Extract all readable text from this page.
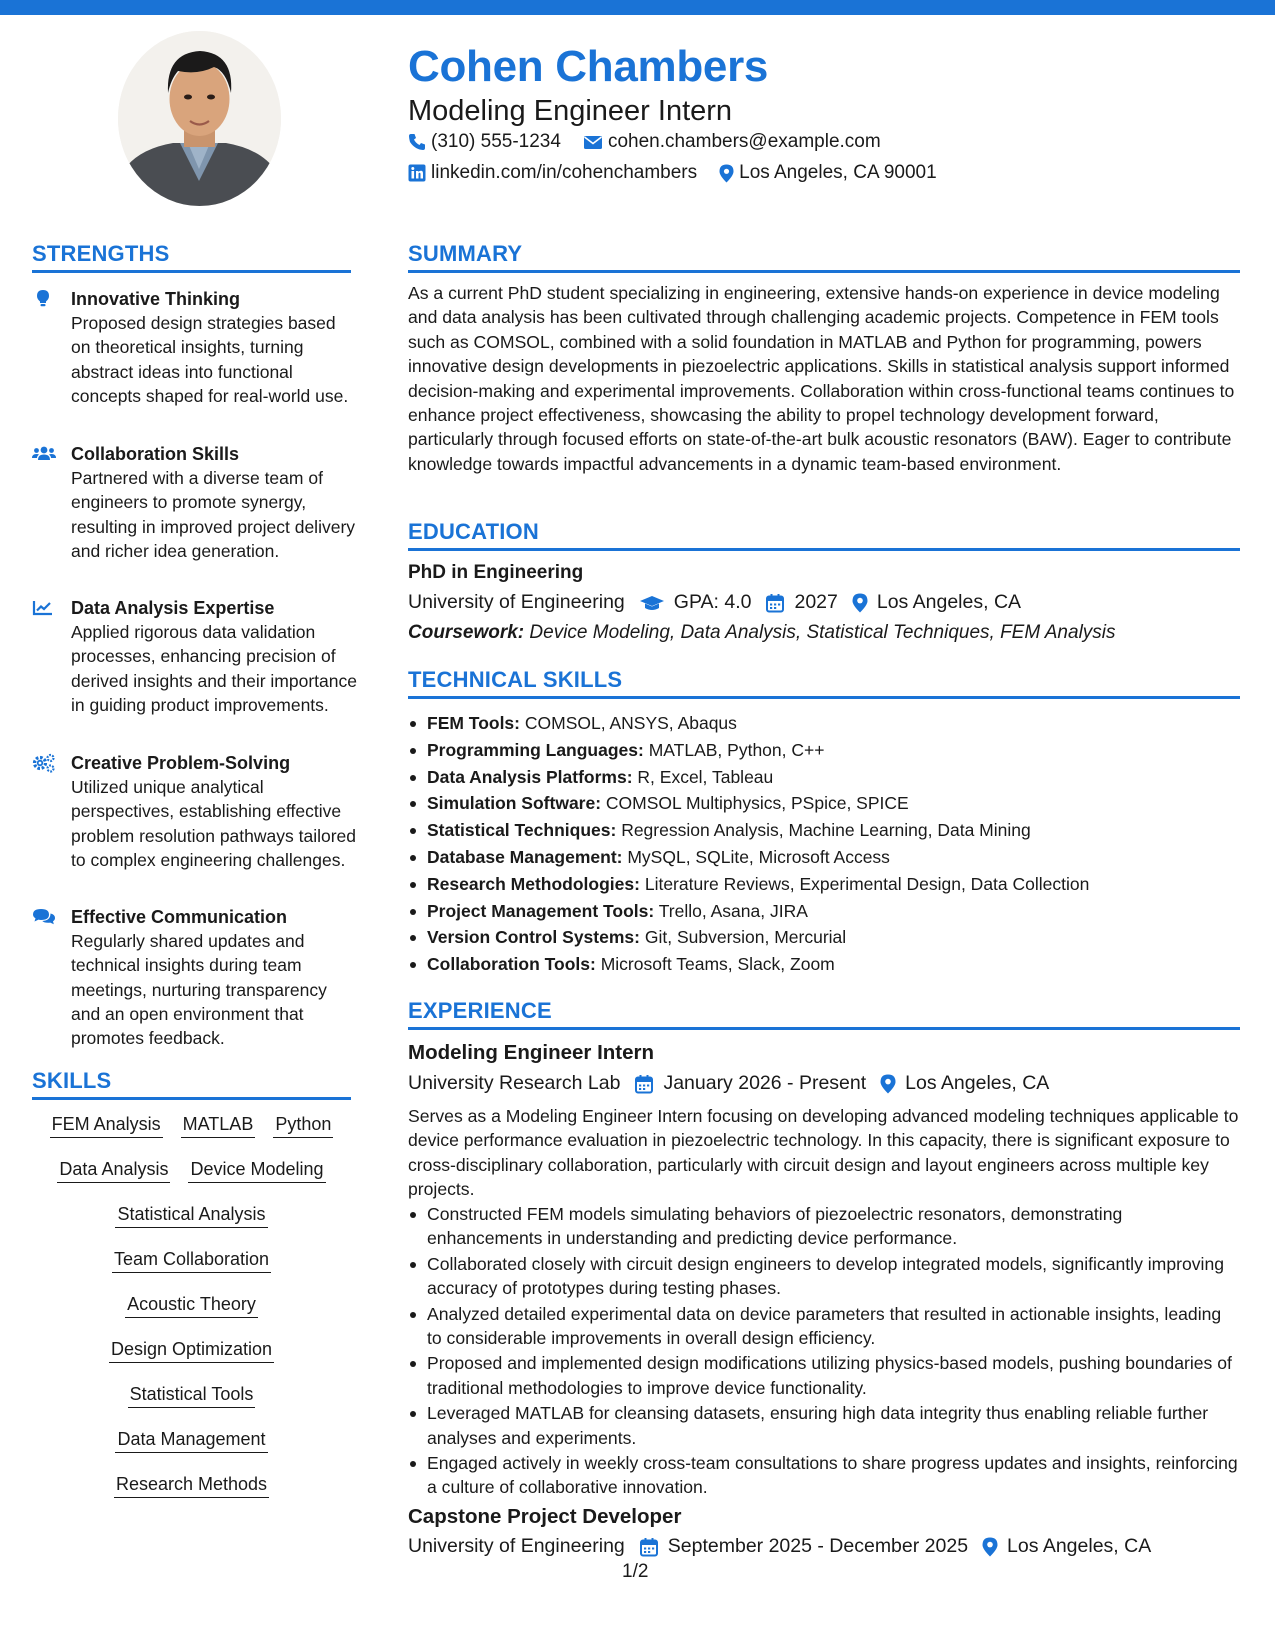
Cohen Chambers
Modeling Engineer Intern
(310) 555-1234 cohen.chambers@example.com
linkedin.com/in/cohenchambers Los Angeles, CA 90001
STRENGTHS
Innovative Thinking
Proposed design strategies based on theoretical insights, turning abstract ideas into functional concepts shaped for real-world use.
Collaboration Skills
Partnered with a diverse team of engineers to promote synergy, resulting in improved project delivery and richer idea generation.
Data Analysis Expertise
Applied rigorous data validation processes, enhancing precision of derived insights and their importance in guiding product improvements.
Creative Problem-Solving
Utilized unique analytical perspectives, establishing effective problem resolution pathways tailored to complex engineering challenges.
Effective Communication
Regularly shared updates and technical insights during team meetings, nurturing transparency and an open environment that promotes feedback.
SKILLS
FEM Analysis MATLAB Python
Data Analysis Device Modeling
Statistical Analysis
Team Collaboration
Acoustic Theory
Design Optimization
Statistical Tools
Data Management
Research Methods
SUMMARY
As a current PhD student specializing in engineering, extensive hands-on experience in device modeling and data analysis has been cultivated through challenging academic projects. Competence in FEM tools such as COMSOL, combined with a solid foundation in MATLAB and Python for programming, powers innovative design developments in piezoelectric applications. Skills in statistical analysis support informed decision-making and experimental improvements. Collaboration within cross-functional teams continues to enhance project effectiveness, showcasing the ability to propel technology development forward, particularly through focused efforts on state-of-the-art bulk acoustic resonators (BAW). Eager to contribute knowledge towards impactful advancements in a dynamic team-based environment.
EDUCATION
PhD in Engineering
University of Engineering	GPA: 4.0 2027 Los Angeles, CA
Coursework: Device Modeling, Data Analysis, Statistical Techniques, FEM Analysis
TECHNICAL SKILLS
FEM Tools: COMSOL, ANSYS, Abaqus
Programming Languages: MATLAB, Python, C++
Data Analysis Platforms: R, Excel, Tableau
Simulation Software: COMSOL Multiphysics, PSpice, SPICE
Statistical Techniques: Regression Analysis, Machine Learning, Data Mining
Database Management: MySQL, SQLite, Microsoft Access
Research Methodologies: Literature Reviews, Experimental Design, Data Collection
Project Management Tools: Trello, Asana, JIRA
Version Control Systems: Git, Subversion, Mercurial
Collaboration Tools: Microsoft Teams, Slack, Zoom
EXPERIENCE
Modeling Engineer Intern
University Research Lab January 2026 - Present Los Angeles, CA
Serves as a Modeling Engineer Intern focusing on developing advanced modeling techniques applicable to device performance evaluation in piezoelectric technology. In this capacity, there is significant exposure to cross-disciplinary collaboration, particularly with circuit design and layout engineers across multiple key projects.
Constructed FEM models simulating behaviors of piezoelectric resonators, demonstrating enhancements in understanding and predicting device performance.
Collaborated closely with circuit design engineers to develop integrated models, significantly improving accuracy of prototypes during testing phases.
Analyzed detailed experimental data on device parameters that resulted in actionable insights, leading to considerable improvements in overall design efficiency.
Proposed and implemented design modifications utilizing physics-based models, pushing boundaries of traditional methodologies to improve device functionality.
Leveraged MATLAB for cleansing datasets, ensuring high data integrity thus enabling reliable further analyses and experiments.
Engaged actively in weekly cross-team consultations to share progress updates and insights, reinforcing a culture of collaborative innovation.
Capstone Project Developer
University of Engineering September 2025 - December 2025 Los Angeles, CA
1/2
